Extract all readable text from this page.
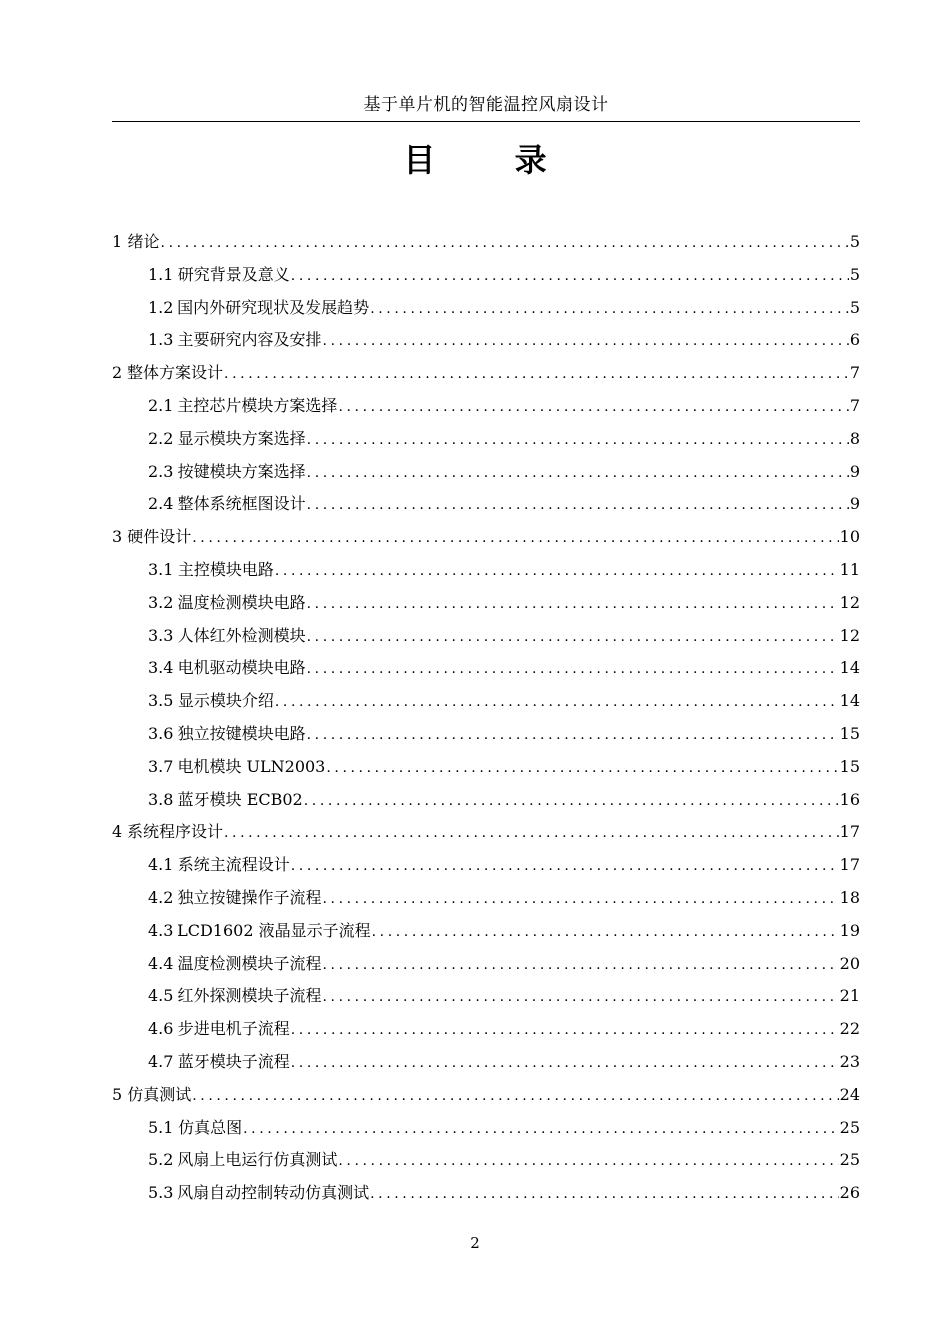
基于单片机的智能温控风扇设计
目 录
1 绪论 .....	5
1.1 研究背景及意义 .....	5
1.2 国内外研究现状及发展趋势 .....	5
1.3 主要研究内容及安排 .....	6
2 整体方案设计 .....	7
2.1 主控芯片模块方案选择 .....	7
2.2 显示模块方案选择 .....	8
2.3 按键模块方案选择 .....	9
2.4 整体系统框图设计 .....	9
3 硬件设计 .....	10
3.1 主控模块电路 .....	11
3.2 温度检测模块电路 .....	12
3.3 人体红外检测模块 .....	12
3.4 电机驱动模块电路 .....	14
3.5 显示模块介绍 .....	14
3.6 独立按键模块电路 .....	15
3.7 电机模块 ULN2003 .....	15
3.8 蓝牙模块 ECB02 .....	16
4 系统程序设计 .....	17
4.1 系统主流程设计 .....	17
4.2 独立按键操作子流程 .....	18
4.3 LCD1602 液晶显示子流程 .....	19
4.4 温度检测模块子流程 .....	20
4.5 红外探测模块子流程 .....	21
4.6 步进电机子流程 .....	22
4.7 蓝牙模块子流程 .....	23
5 仿真测试 .....	24
5.1 仿真总图 .....	25
5.2 风扇上电运行仿真测试 .....	25
5.3 风扇自动控制转动仿真测试 .....	26
2
